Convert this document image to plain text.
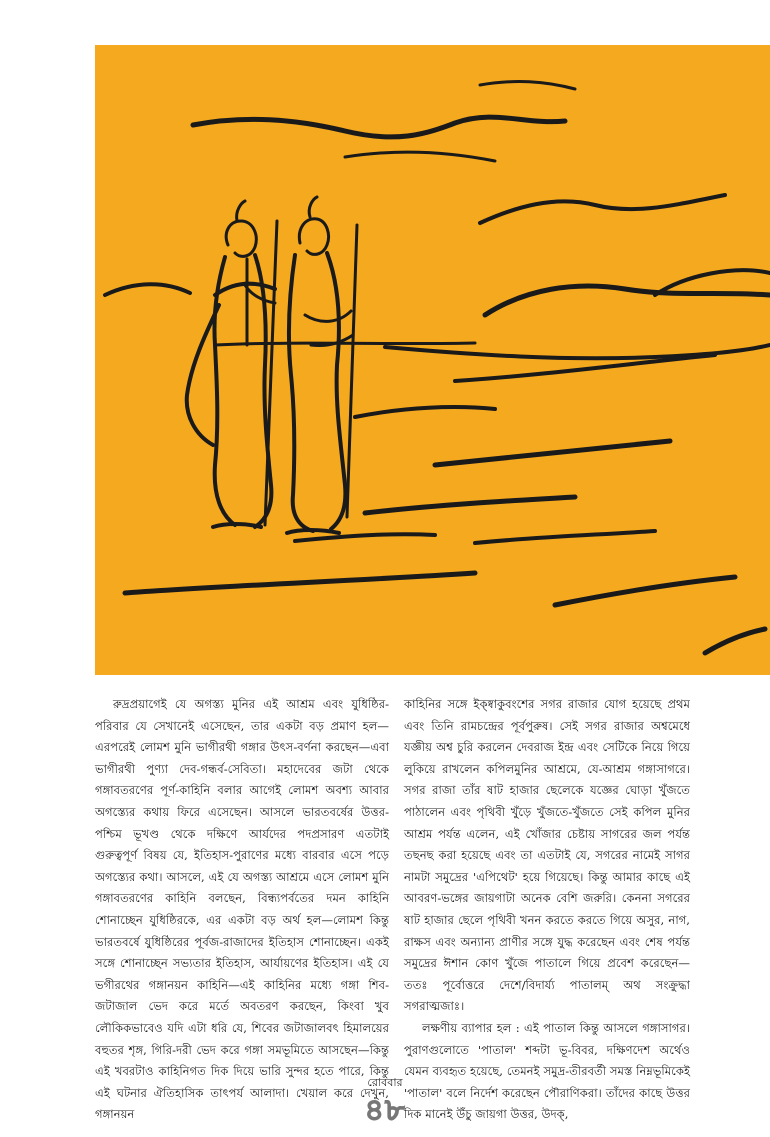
রুদ্রপ্রয়াগেই যে অগস্ত্য মুনির এই আশ্রম এবং যুধিষ্ঠির-পরিবার যে সেখানেই এসেছেন, তার একটা বড় প্রমাণ হল—এরপরেই লোমশ মুনি ভাগীরথী গঙ্গার উৎস-বর্ণনা করছেন—এবা ভাগীরথী পুণ্যা দেব-গন্ধর্ব-সেবিতা। মহাদেবের জটা থেকে গঙ্গাবতরণের পূর্ণ-কাহিনি বলার আগেই লোমশ অবশ্য আবার অগস্ত্যের কথায় ফিরে এসেছেন। আসলে ভারতবর্ষের উত্তর-পশ্চিম ভূখণ্ড থেকে দক্ষিণে আর্যদের পদপ্রসারণ এতটাই গুরুত্বপূর্ণ বিষয় যে, ইতিহাস-পুরাণের মধ্যে বারবার এসে পড়ে অগস্ত্যের কথা। আসলে, এই যে অগস্ত্য আশ্রমে এসে লোমশ মুনি গঙ্গাবতরণের কাহিনি বলছেন, বিন্ধ্যপর্বতের দমন কাহিনি শোনাচ্ছেন যুধিষ্ঠিরকে, এর একটা বড় অর্থ হল—লোমশ কিন্তু ভারতবর্ষে যুধিষ্ঠিরের পূর্বজ-রাজাদের ইতিহাস শোনাচ্ছেন। একই সঙ্গে শোনাচ্ছেন সভ্যতার ইতিহাস, আর্যায়ণের ইতিহাস। এই যে ভগীরথের গঙ্গানয়ন কাহিনি—এই কাহিনির মধ্যে গঙ্গা শিব-জটাজাল ভেদ করে মর্তে অবতরণ করছেন, কিংবা খুব লৌকিকভাবেও যদি এটা ধরি যে, শিবের জটাজালবৎ হিমালয়ের বহুতর শৃঙ্গ, গিরি-দরী ভেদ করে গঙ্গা সমভূমিতে আসছেন—কিন্তু এই খবরটাও কাহিনিগত দিক দিয়ে ভারি সুন্দর হতে পারে, কিন্তু এই ঘটনার ঐতিহাসিক তাৎপর্য আলাদা। খেয়াল করে দেখুন, গঙ্গানয়ন

কাহিনির সঙ্গে ইক্ষ্বাকুবংশের সগর রাজার যোগ হয়েছে প্রথম এবং তিনি রামচন্দ্রের পূর্বপুরুষ। সেই সগর রাজার অশ্বমেধে যজ্ঞীয় অশ্ব চুরি করলেন দেবরাজ ইন্দ্র এবং সেটিকে নিয়ে গিয়ে লুকিয়ে রাখলেন কপিলমুনির আশ্রমে, যে-আশ্রম গঙ্গাসাগরে। সগর রাজা তাঁর ষাট হাজার ছেলেকে যজ্ঞের ঘোড়া খুঁজতে পাঠালেন এবং পৃথিবী খুঁড়ে খুঁজতে-খুঁজতে সেই কপিল মুনির আশ্রম পর্যন্ত এলেন, এই খোঁজার চেষ্টায় সাগরের জল পর্যন্ত তছনছ করা হয়েছে এবং তা এতটাই যে, সগরের নামেই সাগর নামটা সমুদ্রের 'এপিথেট' হয়ে গিয়েছে। কিন্তু আমার কাছে এই আবরণ-ভঙ্গের জায়গাটা অনেক বেশি জরুরি। কেননা সগরের ষাট হাজার ছেলে পৃথিবী খনন করতে করতে গিয়ে অসুর, নাগ, রাক্ষস এবং অন্যান্য প্রাণীর সঙ্গে যুদ্ধ করেছেন এবং শেষ পর্যন্ত সমুদ্রের ঈশান কোণ খুঁজে পাতালে গিয়ে প্রবেশ করেছেন—ততঃ পূর্বোত্তরে দেশে/বিদার্য্য পাতালম্‌ অথ সংক্রুদ্ধা সগরাত্মজাঃ।

লক্ষণীয় ব্যাপার হল : এই পাতাল কিন্তু আসলে গঙ্গাসাগর। পুরাণগুলোতে 'পাতাল' শব্দটা ভূ-বিবর, দক্ষিণদেশ অর্থেও যেমন ব্যবহৃত হয়েছে, তেমনই সমুদ্র-তীরবর্তী সমস্ত নিম্নভূমিকেই 'পাতাল' বলে নির্দেশ করেছেন পৌরাণিকরা। তাঁদের কাছে উত্তর দিক মানেই উঁচু জায়গা উত্তর, উদক্‌,

রোববার
৪৮
